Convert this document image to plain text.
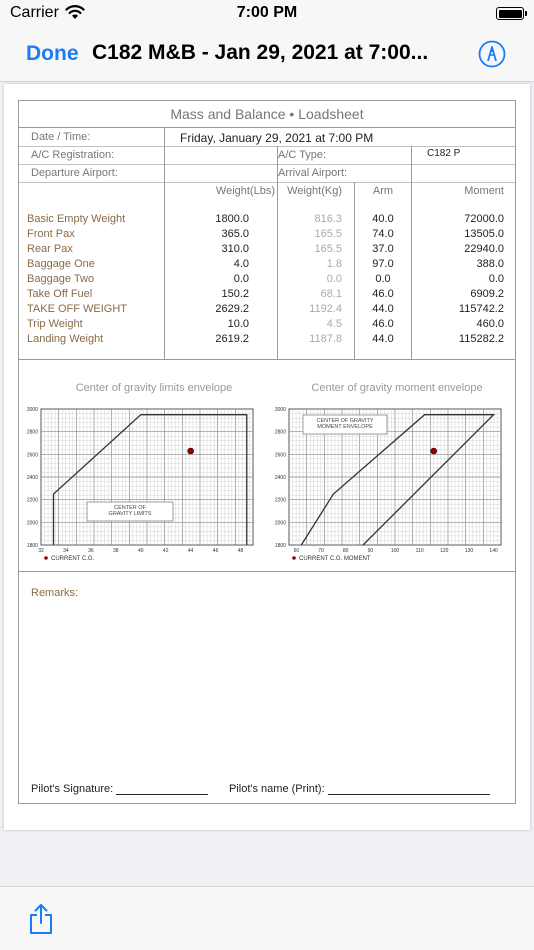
Carrier	7:00 PM
Done C182 M&B - Jan 29, 2021 at 7:00...
Mass and Balance • Loadsheet
Date / Time:	Friday, January 29, 2021 at 7:00 PM
A/C Registration:	A/C Type:	C182 P
Departure Airport:	Arrival Airport:
Weight(Lbs)	Weight(Kg)	Arm	Moment
Basic Empty Weight	1800.0	816.3	40.0	72000.0
Front Pax	365.0	165.5	74.0	13505.0
Rear Pax	310.0	165.5	37.0	22940.0
Baggage One	4.0	1.8	97.0	388.0
Baggage Two	0.0	0.0	0.0	0.0
Take Off Fuel	150.2	68.1	46.0	6909.2
TAKE OFF WEIGHT	2629.2	1192.4	44.0	115742.2
Trip Weight	10.0	4.5	46.0	460.0
Landing Weight	2619.2	1187.8	44.0	115282.2
Center of gravity limits envelope	Center of gravity moment envelope
3000
2800
2600
2400
2200
2000
1800
32	34	36	38	40	42	44	46	48
CENTER OF
GRAVITY LIMITS
CURRENT C.G.
3000
2800
2600
2400
2200
2000
1800
60	70	80	90	100	110	120	130	140
CENTER OF GRAVITY
MOMENT ENVELOPE
CURRENT C.G. MOMENT
Remarks:
Pilot's Signature:	Pilot's name (Print):
